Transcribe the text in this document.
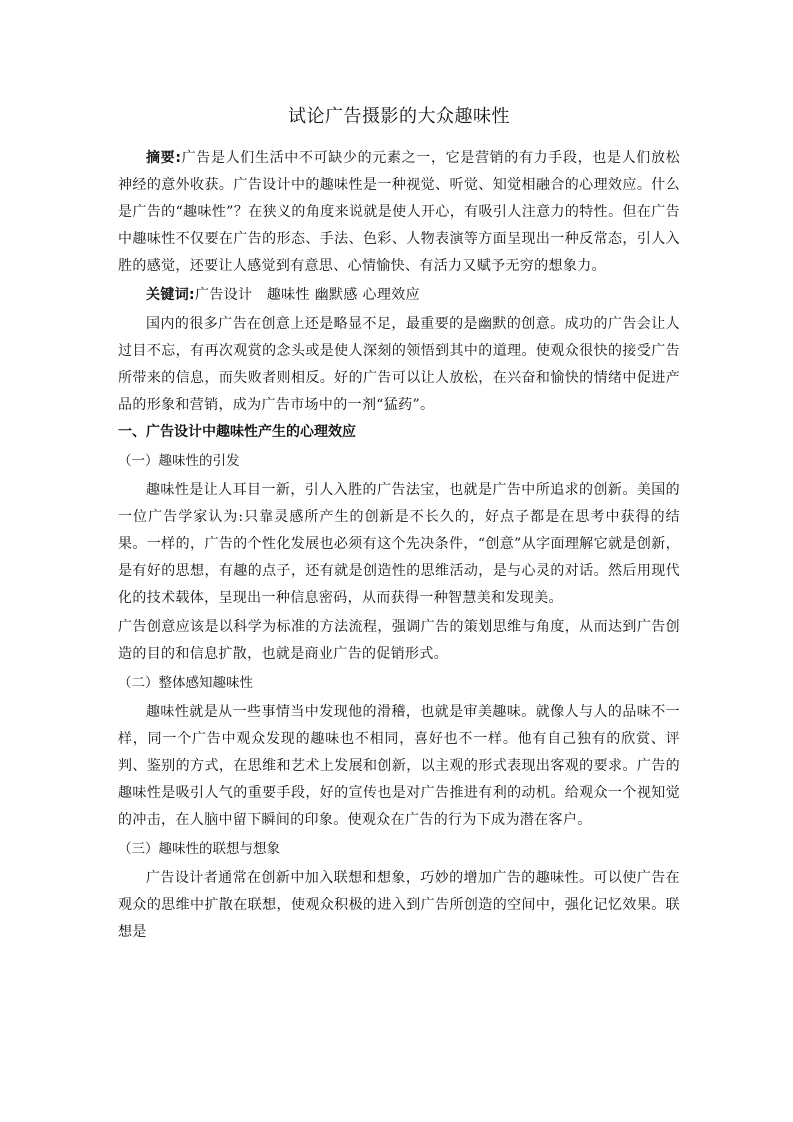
试论广告摄影的大众趣味性

摘要:广告是人们生活中不可缺少的元素之一，它是营销的有力手段，也是人们放松神经的意外收获。广告设计中的趣味性是一种视觉、听觉、知觉相融合的心理效应。什么是广告的“趣味性”？在狭义的角度来说就是使人开心，有吸引人注意力的特性。但在广告中趣味性不仅要在广告的形态、手法、色彩、人物表演等方面呈现出一种反常态，引人入胜的感觉，还要让人感觉到有意思、心情愉快、有活力又赋予无穷的想象力。

关键词:广告设计   趣味性 幽默感 心理效应

国内的很多广告在创意上还是略显不足，最重要的是幽默的创意。成功的广告会让人过目不忘，有再次观赏的念头或是使人深刻的领悟到其中的道理。使观众很快的接受广告所带来的信息，而失败者则相反。好的广告可以让人放松，在兴奋和愉快的情绪中促进产品的形象和营销，成为广告市场中的一剂“猛药”。

一、广告设计中趣味性产生的心理效应

（一）趣味性的引发

趣味性是让人耳目一新，引人入胜的广告法宝，也就是广告中所追求的创新。美国的一位广告学家认为:只靠灵感所产生的创新是不长久的，好点子都是在思考中获得的结果。一样的，广告的个性化发展也必须有这个先决条件，“创意”从字面理解它就是创新，是有好的思想，有趣的点子，还有就是创造性的思维活动，是与心灵的对话。然后用现代化的技术载体，呈现出一种信息密码，从而获得一种智慧美和发现美。

广告创意应该是以科学为标准的方法流程，强调广告的策划思维与角度，从而达到广告创造的目的和信息扩散，也就是商业广告的促销形式。

（二）整体感知趣味性

趣味性就是从一些事情当中发现他的滑稽，也就是审美趣味。就像人与人的品味不一样，同一个广告中观众发现的趣味也不相同，喜好也不一样。他有自己独有的欣赏、评判、鉴别的方式，在思维和艺术上发展和创新，以主观的形式表现出客观的要求。广告的趣味性是吸引人气的重要手段，好的宣传也是对广告推进有利的动机。给观众一个视知觉的冲击，在人脑中留下瞬间的印象。使观众在广告的行为下成为潜在客户。

（三）趣味性的联想与想象

广告设计者通常在创新中加入联想和想象，巧妙的增加广告的趣味性。可以使广告在观众的思维中扩散在联想，使观众积极的进入到广告所创造的空间中，强化记忆效果。联想是
